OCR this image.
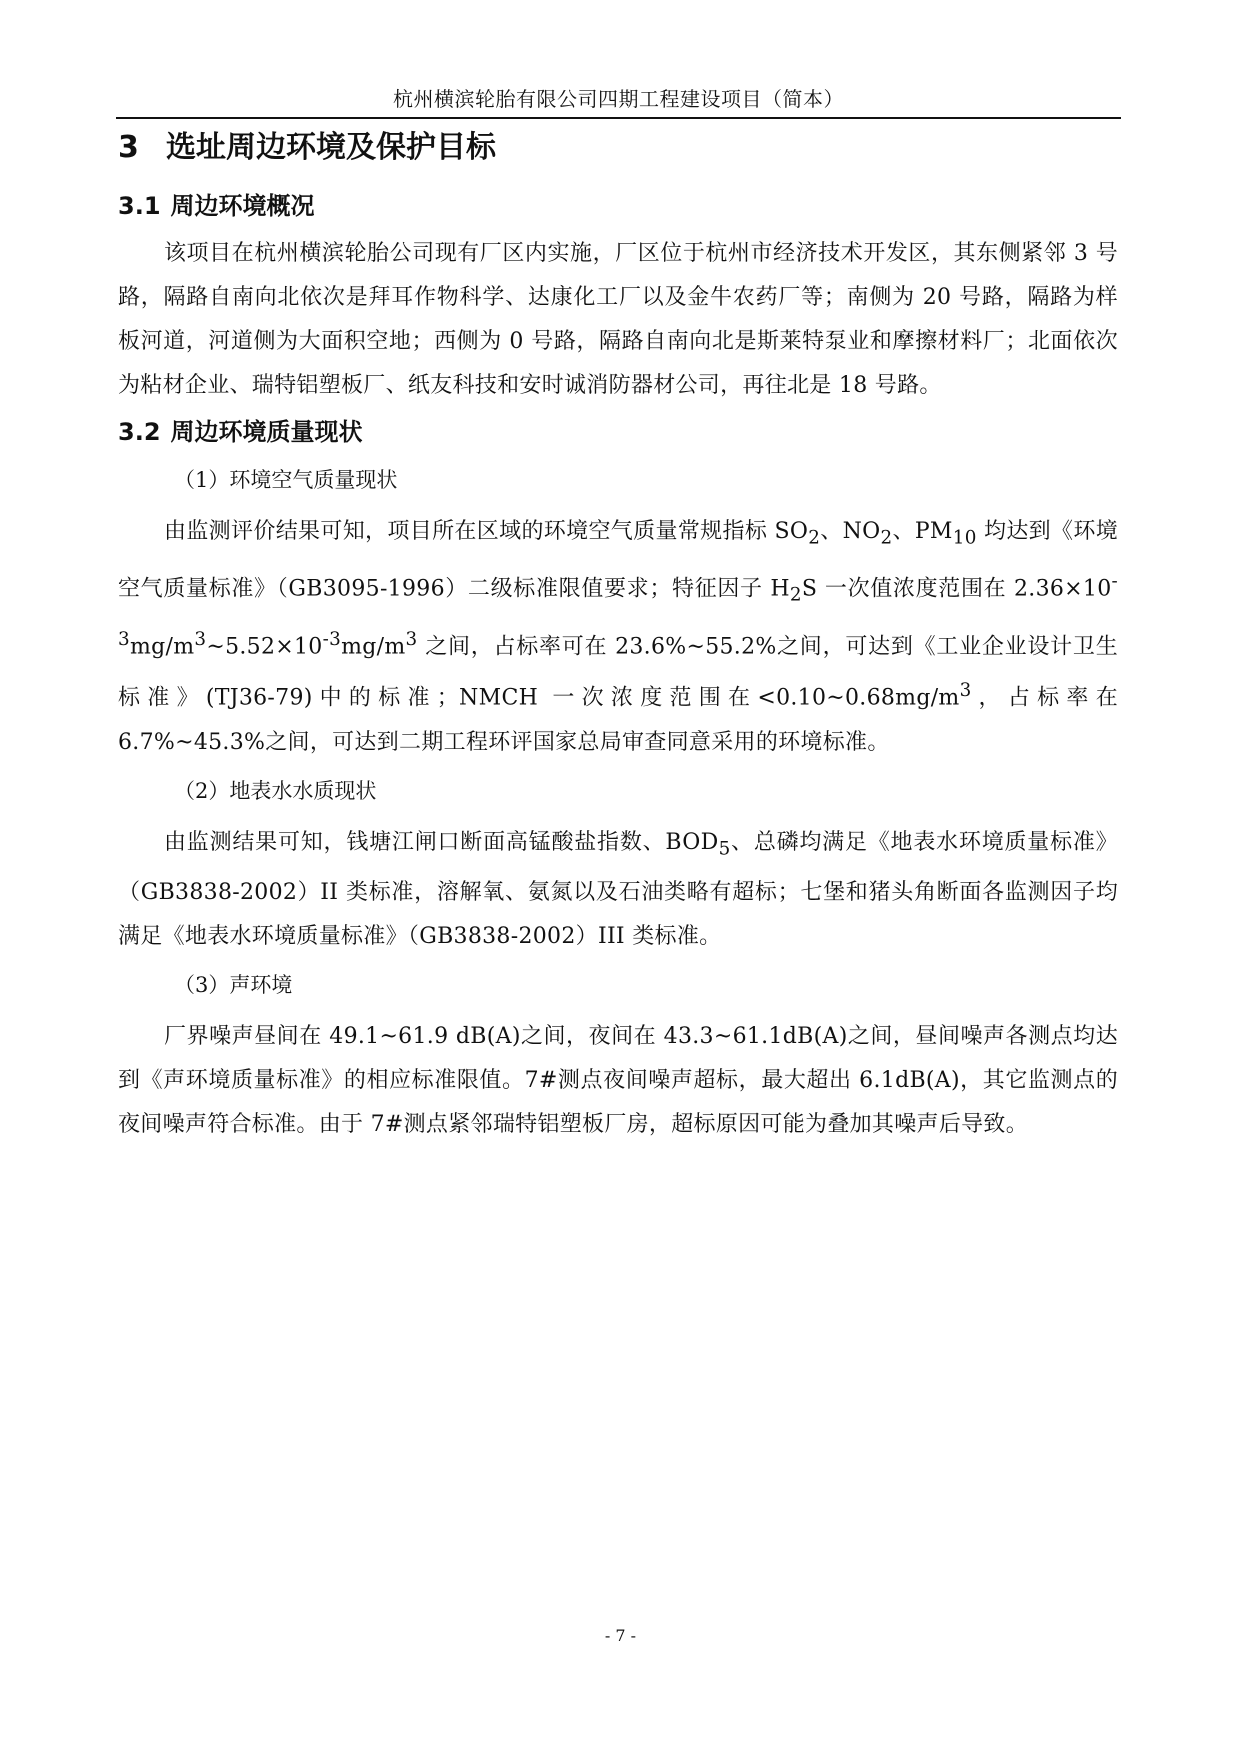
杭州横滨轮胎有限公司四期工程建设项目（简本）
3 选址周边环境及保护目标
3.1 周边环境概况

该项目在杭州横滨轮胎公司现有厂区内实施，厂区位于杭州市经济技术开发区，其东侧紧邻 3 号路，隔路自南向北依次是拜耳作物科学、达康化工厂以及金牛农药厂等；南侧为 20 号路，隔路为样板河道，河道侧为大面积空地；西侧为 0 号路，隔路自南向北是斯莱特泵业和摩擦材料厂；北面依次为粘材企业、瑞特铝塑板厂、纸友科技和安时诚消防器材公司，再往北是 18 号路。

3.2 周边环境质量现状
（1）环境空气质量现状

由监测评价结果可知，项目所在区域的环境空气质量常规指标 $SO_2$、$NO_2$、$PM_{10}$ 均达到《环境空气质量标准》（GB3095-1996）二级标准限值要求；特征因子 $H_2S$ 一次值浓度范围在 $2.36\times 10^{-3}mg/m^3\sim 5.52\times 10^{-3}mg/m^3$ 之间，占标率可在 23.6%~55.2%之间，可达到《工业企业设计卫生标准》(TJ36-79)中的标准；NMCH 一次浓度范围在$<0.10\sim 0.68mg/m^3$，占标率在 6.7%~45.3%之间，可达到二期工程环评国家总局审查同意采用的环境标准。

（2）地表水水质现状

由监测结果可知，钱塘江闸口断面高锰酸盐指数、$BOD_5$、总磷均满足《地表水环境质量标准》（GB3838-2002）II 类标准，溶解氧、氨氮以及石油类略有超标；七堡和猪头角断面各监测因子均满足《地表水环境质量标准》（GB3838-2002）III 类标准。

（3）声环境

厂界噪声昼间在 49.1~61.9 dB(A)之间，夜间在 43.3~61.1dB(A)之间，昼间噪声各测点均达到《声环境质量标准》的相应标准限值。7#测点夜间噪声超标，最大超出 6.1dB(A)，其它监测点的夜间噪声符合标准。由于 7#测点紧邻瑞特铝塑板厂房，超标原因可能为叠加其噪声后导致。

- 7 -
